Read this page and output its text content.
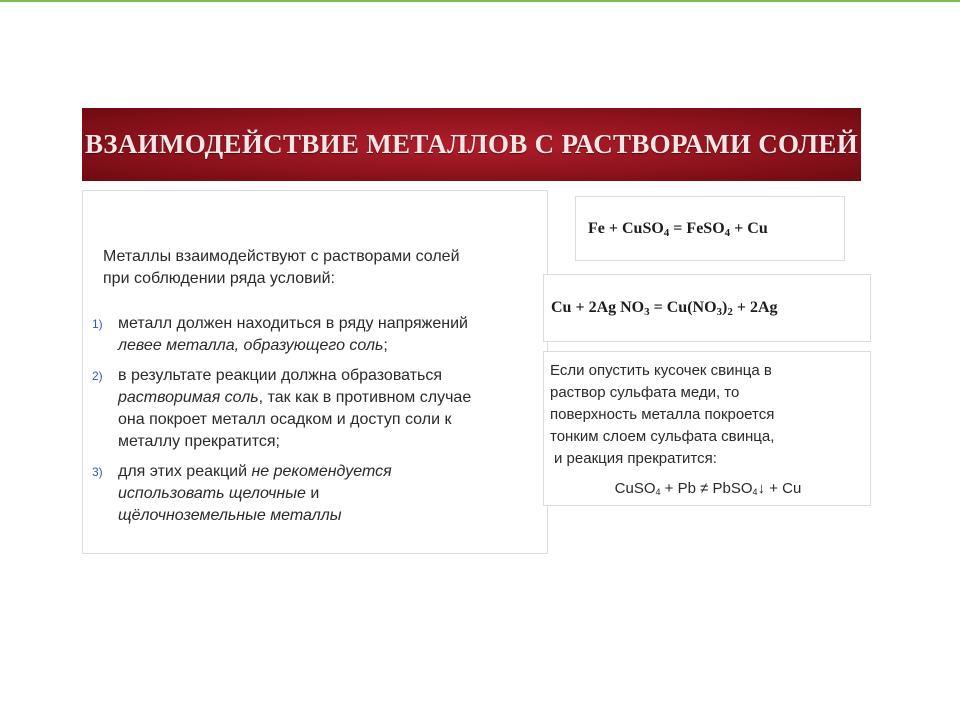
ВЗАИМОДЕЙСТВИЕ МЕТАЛЛОВ С РАСТВОРАМИ СОЛЕЙ
Металлы взаимодействуют с растворами солей
при соблюдении ряда условий:
1) металл должен находиться в ряду напряжений
левее металла, образующего соль;
2) в результате реакции должна образоваться
растворимая соль, так как в противном случае
она покроет металл осадком и доступ соли к
металлу прекратится;
3) для этих реакций не рекомендуется
использовать щелочные и
щёлочноземельные металлы
Fe + CuSO$_4$ = FeSO$_4$ + Cu
Cu + 2Ag $NO_3 = Cu(NO_3)_2 + 2Ag$
Если опустить кусочек свинца в
раствор сульфата меди, то
поверхность металла покроется
тонким слоем сульфата свинца,
и реакция прекратится:
CuSO$_4$ + Pb ≠ PbSO$_4$↓ + Cu
